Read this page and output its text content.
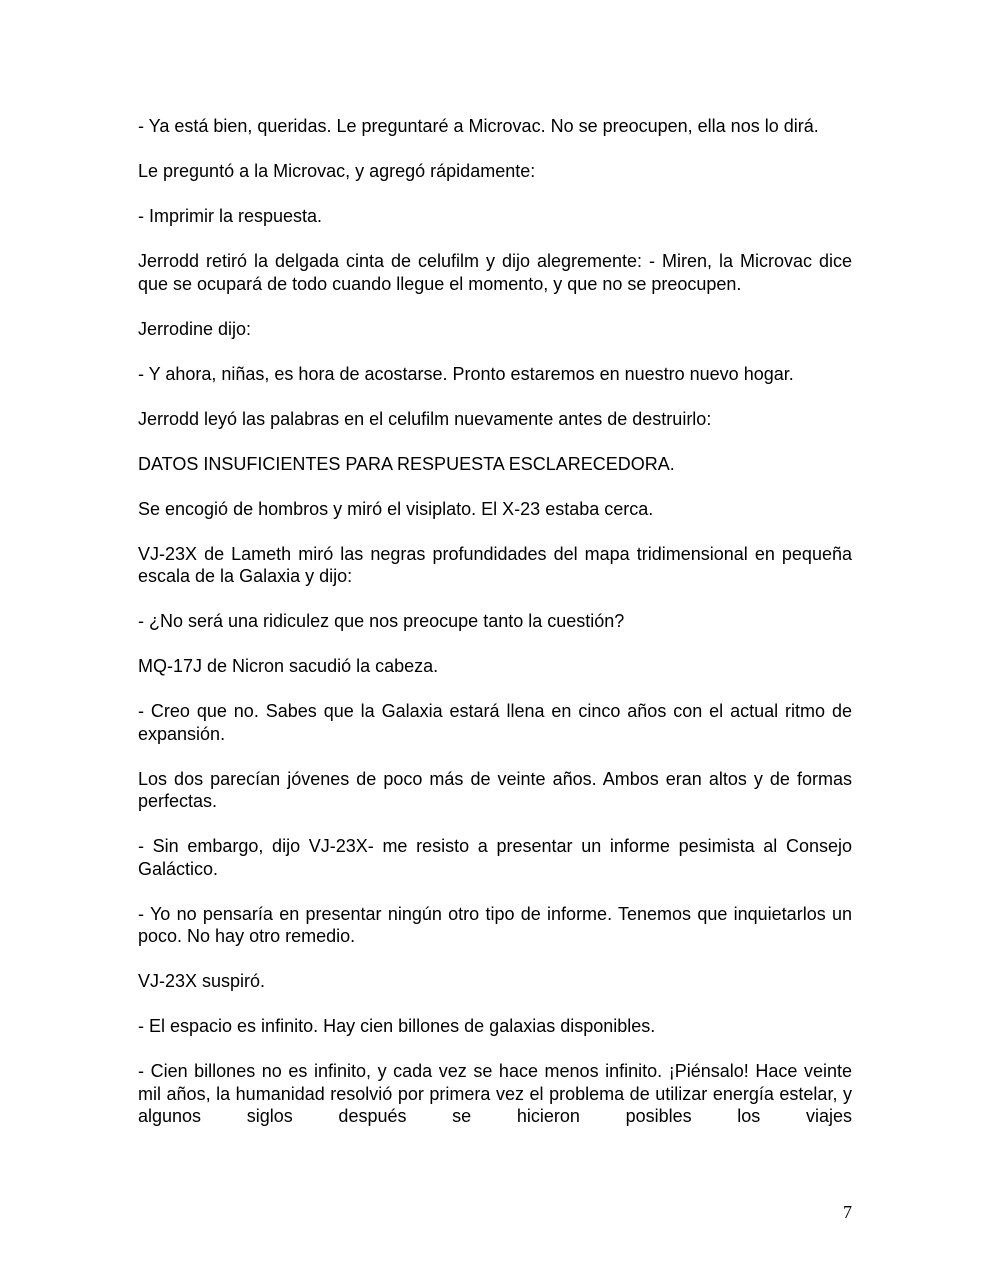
- Ya está bien, queridas. Le preguntaré a Microvac. No se preocupen, ella nos lo dirá.

Le preguntó a la Microvac, y agregó rápidamente:

- Imprimir la respuesta.

Jerrodd retiró la delgada cinta de celufilm y dijo alegremente: - Miren, la Microvac dice que se ocupará de todo cuando llegue el momento, y que no se preocupen.

Jerrodine dijo:

- Y ahora, niñas, es hora de acostarse. Pronto estaremos en nuestro nuevo hogar.

Jerrodd leyó las palabras en el celufilm nuevamente antes de destruirlo:

DATOS INSUFICIENTES PARA RESPUESTA ESCLARECEDORA.

Se encogió de hombros y miró el visiplato. El X-23 estaba cerca.

VJ-23X de Lameth miró las negras profundidades del mapa tridimensional en pequeña escala de la Galaxia y dijo:

- ¿No será una ridiculez que nos preocupe tanto la cuestión?

MQ-17J de Nicron sacudió la cabeza.

- Creo que no. Sabes que la Galaxia estará llena en cinco años con el actual ritmo de expansión.

Los dos parecían jóvenes de poco más de veinte años. Ambos eran altos y de formas perfectas.

- Sin embargo, dijo VJ-23X- me resisto a presentar un informe pesimista al Consejo Galáctico.

- Yo no pensaría en presentar ningún otro tipo de informe. Tenemos que inquietarlos un poco. No hay otro remedio.

VJ-23X suspiró.

- El espacio es infinito. Hay cien billones de galaxias disponibles.

- Cien billones no es infinito, y cada vez se hace menos infinito. ¡Piénsalo! Hace veinte mil años, la humanidad resolvió por primera vez el problema de utilizar energía estelar, y algunos siglos después se hicieron posibles los viajes

7
